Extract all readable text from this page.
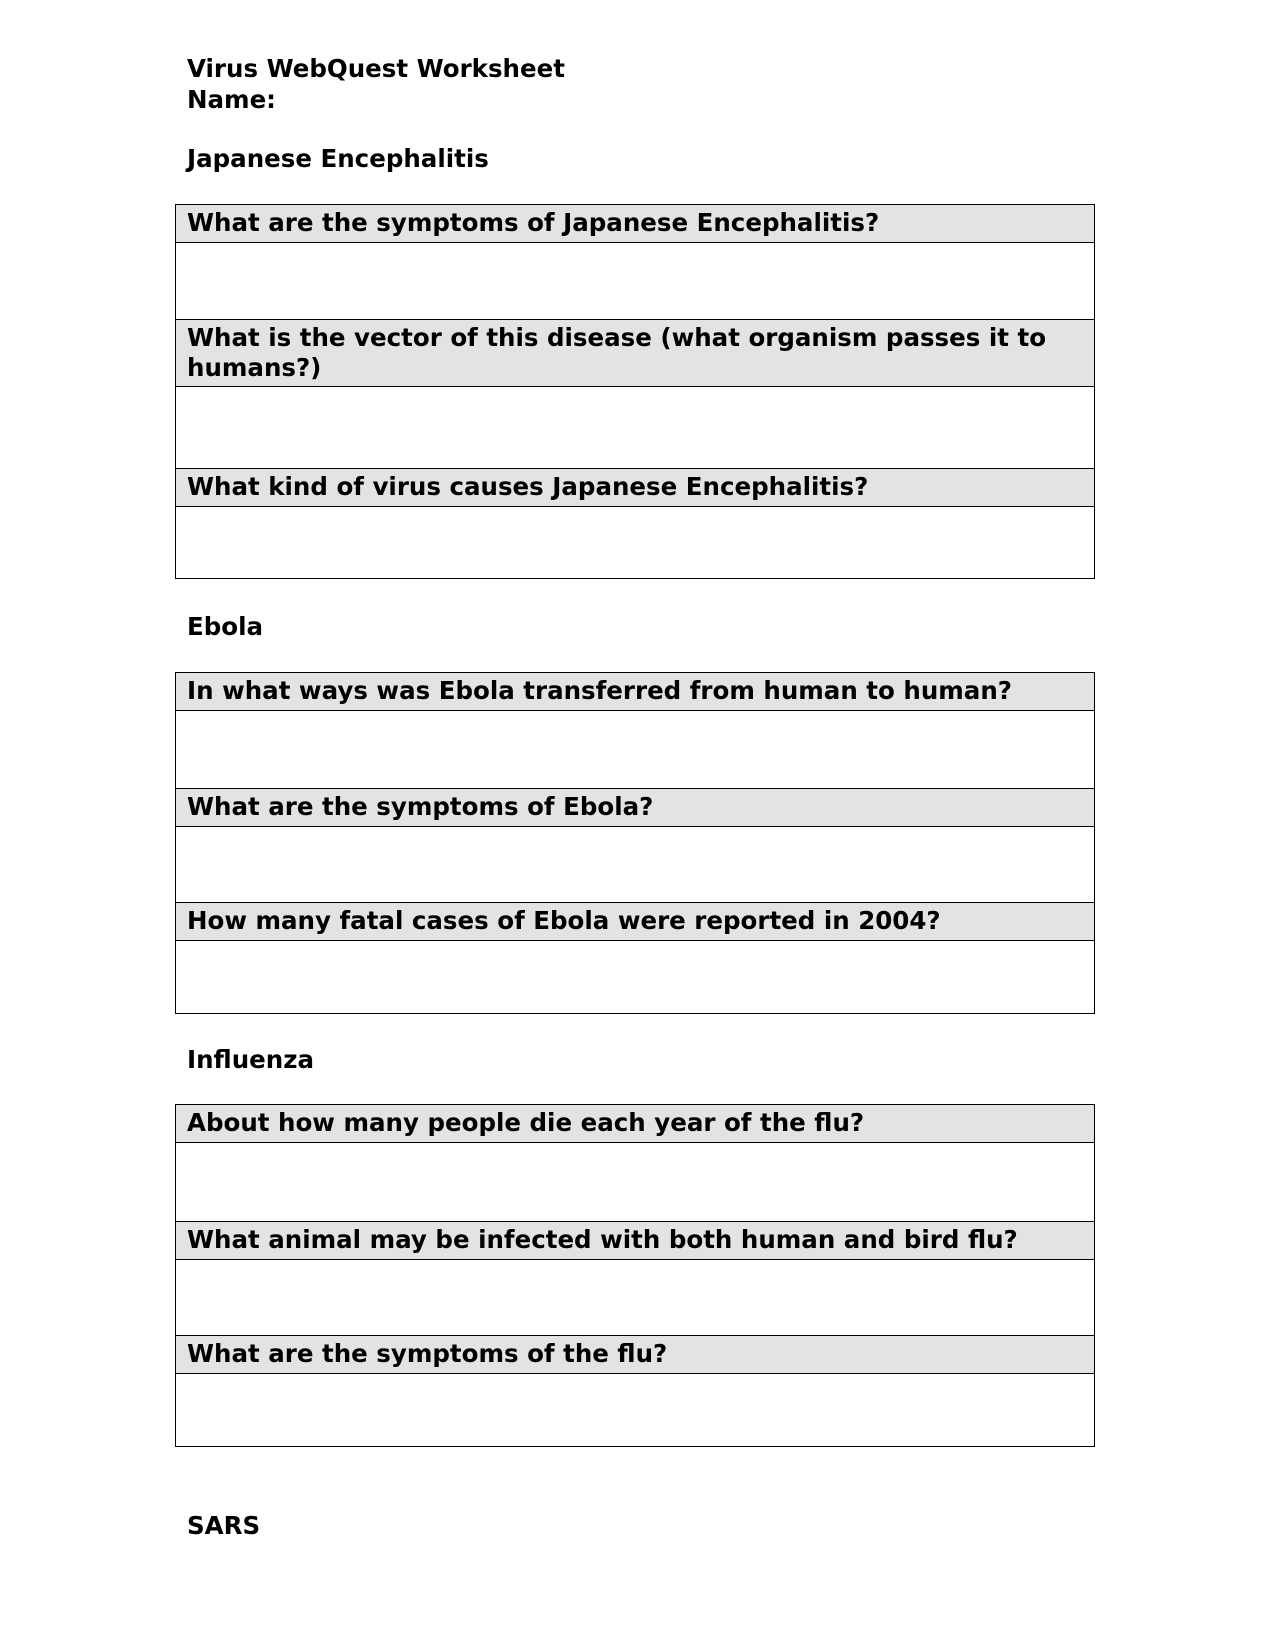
Virus WebQuest Worksheet
Name:
Japanese Encephalitis
What are the symptoms of Japanese Encephalitis?
What is the vector of this disease (what organism passes it to humans?)
What kind of virus causes Japanese Encephalitis?
Ebola
In what ways was Ebola transferred from human to human?
What are the symptoms of Ebola?
How many fatal cases of Ebola were reported in 2004?
Influenza
About how many people die each year of the flu?
What animal may be infected with both human and bird flu?
What are the symptoms of the flu?
SARS
